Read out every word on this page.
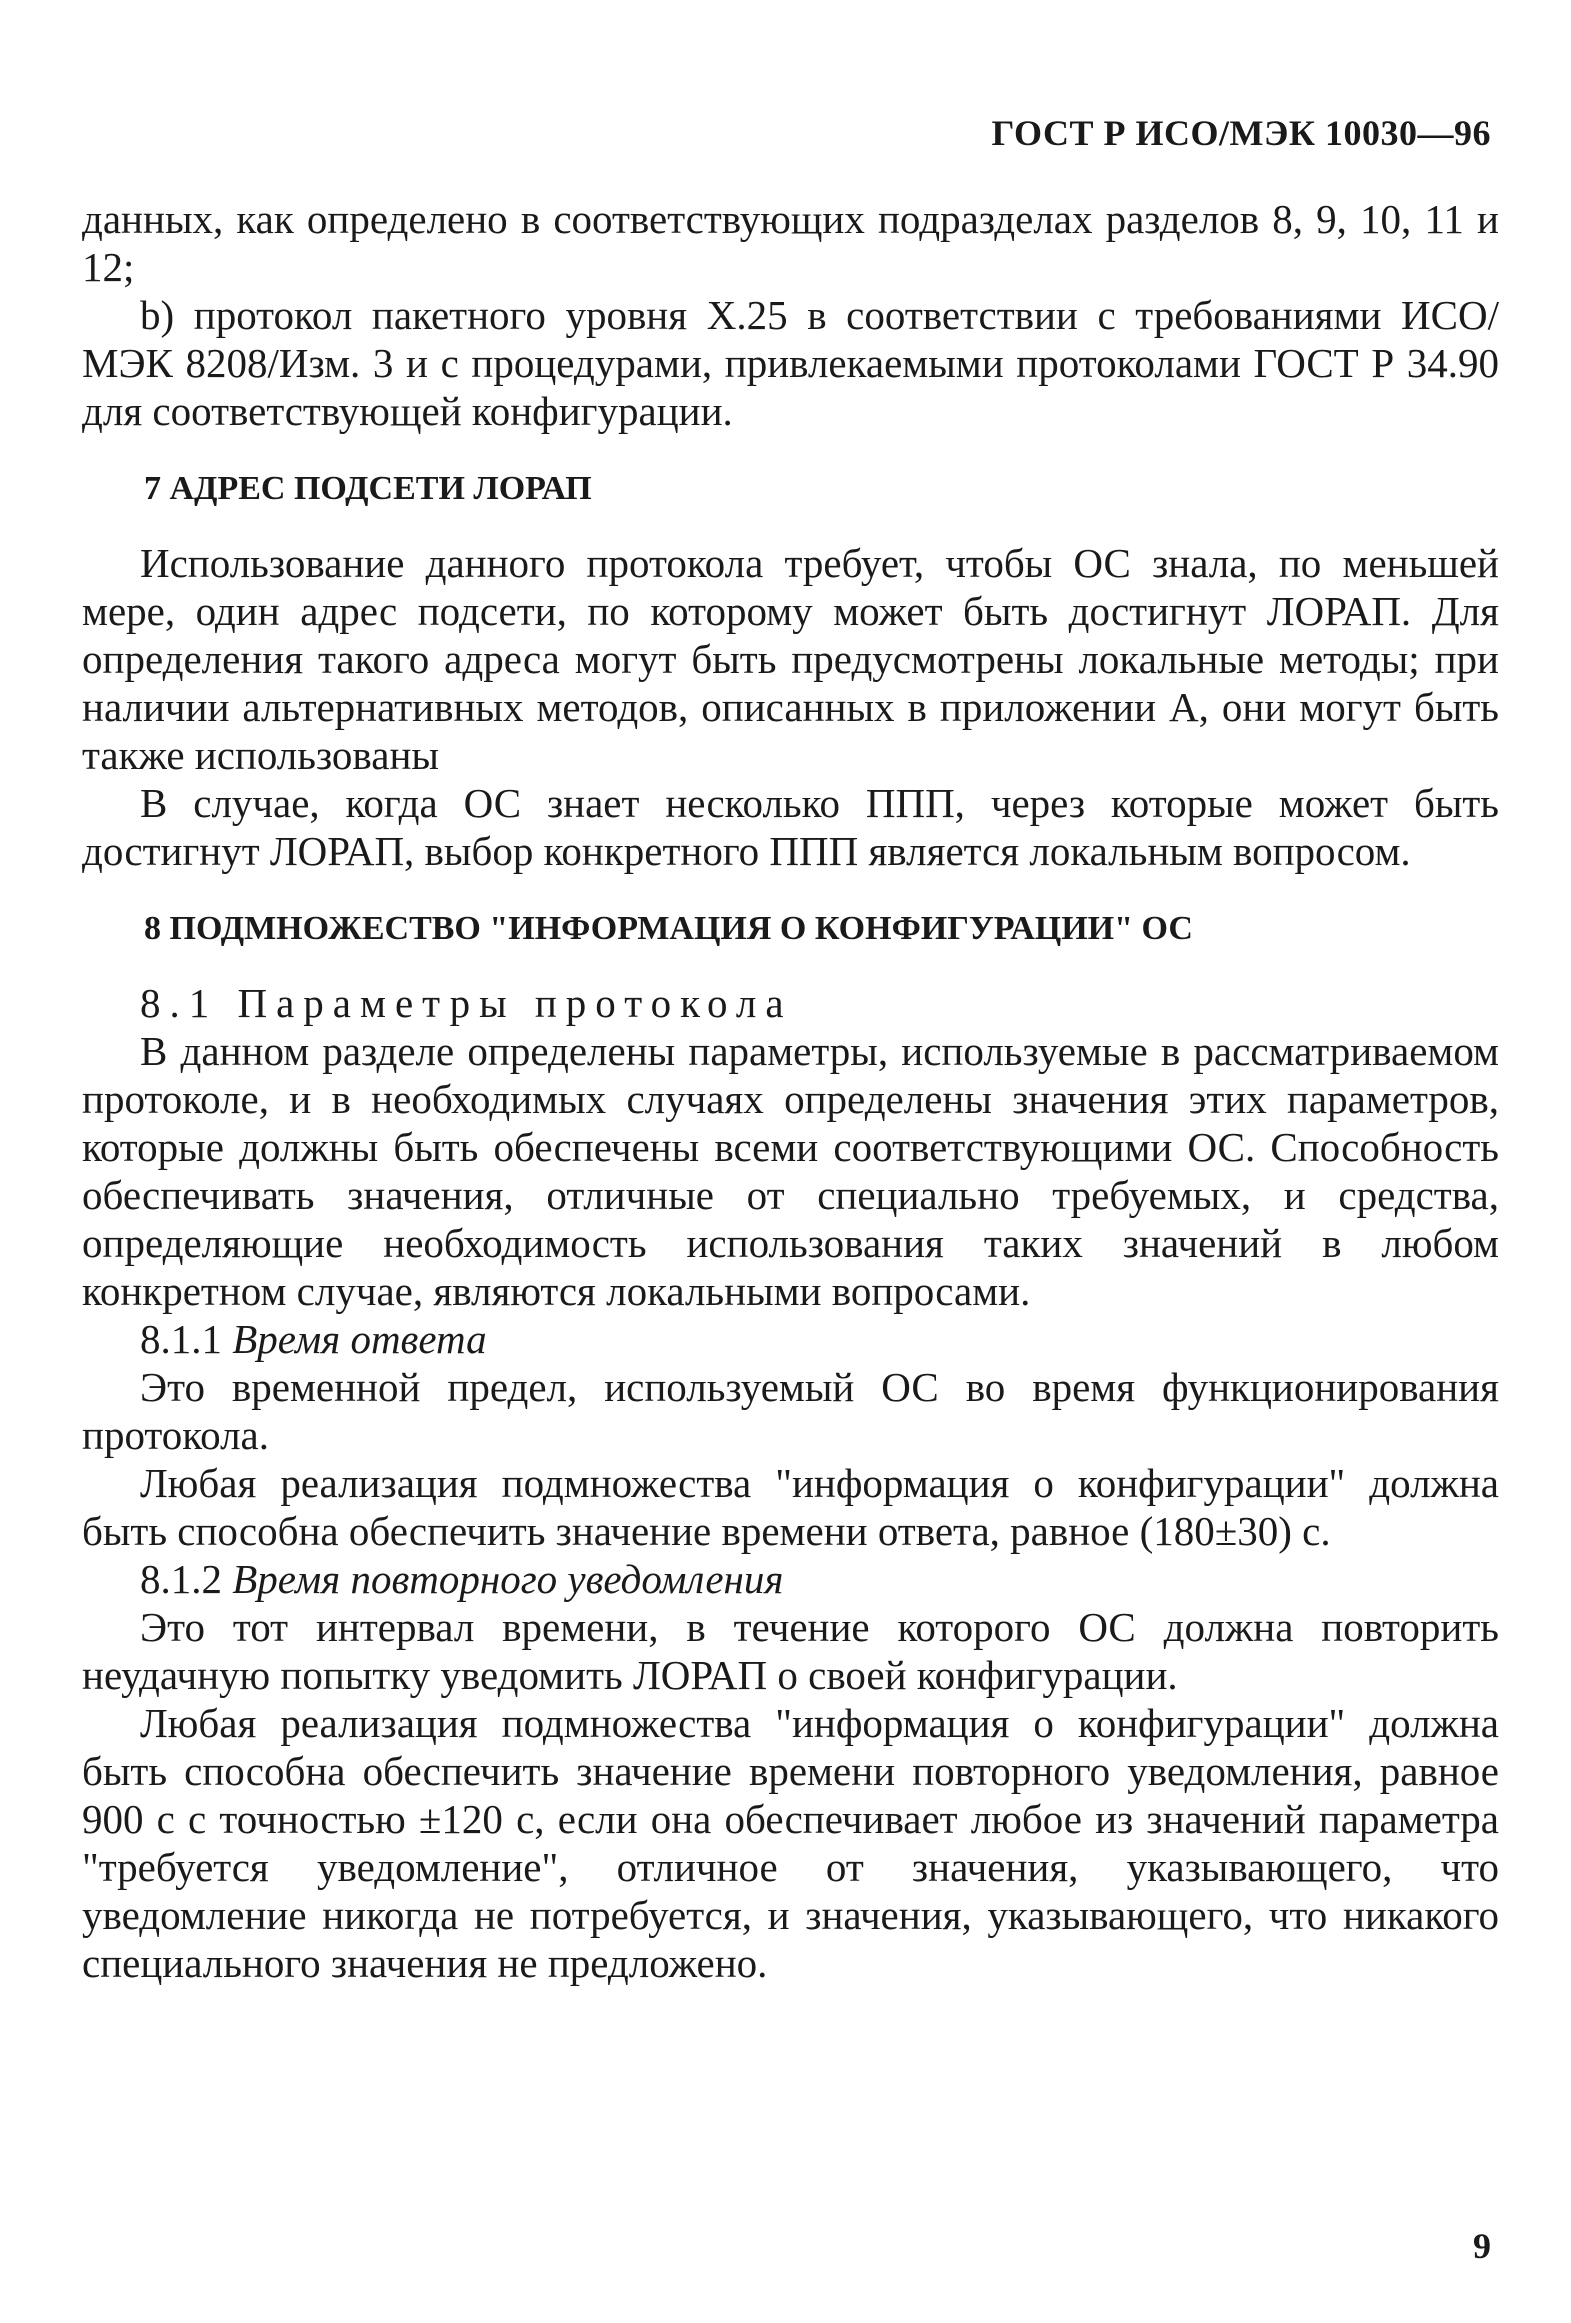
ГОСТ Р ИСО/МЭК 10030—96

данных, как определено в соответствующих подразделах разделов 8, 9, 10, 11 и 12;

b) протокол пакетного уровня X.25 в соответствии с требованиями ИСО/МЭК 8208/Изм. 3 и с процедурами, привлекаемыми протоколами ГОСТ Р 34.90 для соответствующей конфигурации.

7 АДРЕС ПОДСЕТИ ЛОРАП

Использование данного протокола требует, чтобы ОС знала, по меньшей мере, один адрес подсети, по которому может быть достигнут ЛОРАП. Для определения такого адреса могут быть предусмотрены локальные методы; при наличии альтернативных методов, описанных в приложении А, они могут быть также использованы

В случае, когда ОС знает несколько ППП, через которые может быть достигнут ЛОРАП, выбор конкретного ППП является локальным вопросом.

8 ПОДМНОЖЕСТВО "ИНФОРМАЦИЯ О КОНФИГУРАЦИИ" ОС
8.1 Параметры протокола

В данном разделе определены параметры, используемые в рассматриваемом протоколе, и в необходимых случаях определены значения этих параметров, которые должны быть обеспечены всеми соответствующими ОС. Способность обеспечивать значения, отличные от специально требуемых, и средства, определяющие необходимость использования таких значений в любом конкретном случае, являются локальными вопросами.

8.1.1 Время ответа

Это временной предел, используемый ОС во время функционирования протокола.

Любая реализация подмножества "информация о конфигурации" должна быть способна обеспечить значение времени ответа, равное (180±30) с.

8.1.2 Время повторного уведомления

Это тот интервал времени, в течение которого ОС должна повторить неудачную попытку уведомить ЛОРАП о своей конфигурации.

Любая реализация подмножества "информация о конфигурации" должна быть способна обеспечить значение времени повторного уведомления, равное 900 с с точностью ±120 с, если она обеспечивает любое из значений параметра "требуется уведомление", отличное от значения, указывающего, что уведомление никогда не потребуется, и значения, указывающего, что никакого специального значения не предложено.

9
